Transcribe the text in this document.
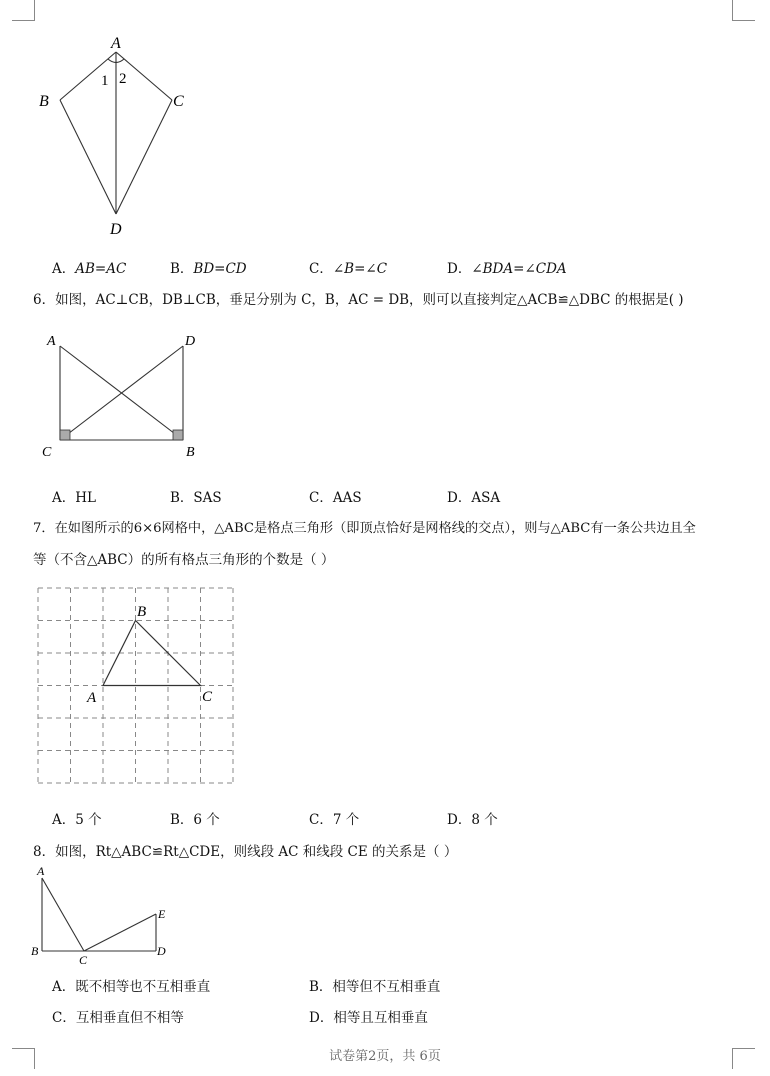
A
B	C
D
1 2
A．AB=AC	B．BD=CD	C．∠B=∠C	D．∠BDA=∠CDA
6．如图，AC⊥CB，DB⊥CB，垂足分别为 C，B，AC = DB，则可以直接判定△ACB≌△DBC 的根据是( )
A	D
C	B
A．HL	B．SAS	C．AAS	D．ASA
7．在如图所示的6×6网格中，△ABC是格点三角形（即顶点恰好是网格线的交点），则与△ABC有一条公共边且全
等（不含△ABC）的所有格点三角形的个数是（ ）
A
B
C
A．5 个	B．6 个	C．7 个	D．8 个
8．如图，Rt△ABC≌Rt△CDE，则线段 AC 和线段 CE 的关系是（ ）
A
B
C
D
E
A．既不相等也不互相垂直	B．相等但不互相垂直
C．互相垂直但不相等	D．相等且互相垂直
试卷第2页，共 6页
